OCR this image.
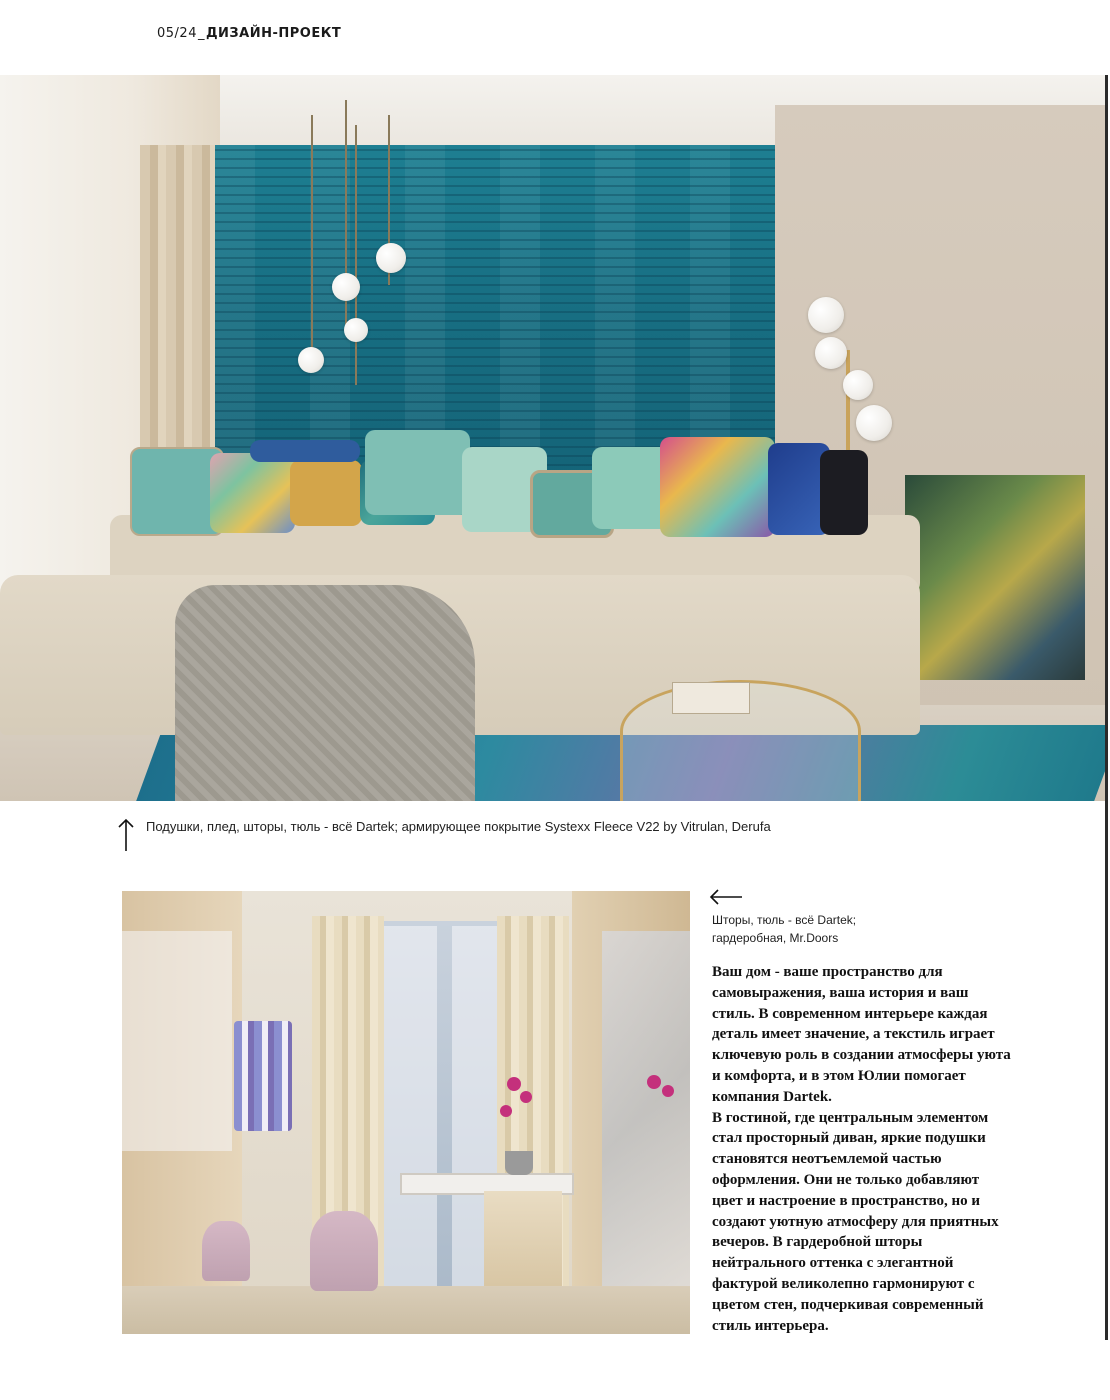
05/24_ДИЗАЙН-ПРОЕКТ
Подушки, плед, шторы, тюль - всё Dartek; армирующее покрытие Systexx Fleece V22 by Vitrulan, Derufa
Шторы, тюль - всё Dartek;
гардеробная, Mr.Doors

Ваш дом - ваше пространство для самовыражения, ваша история и ваш стиль. В современном интерьере каждая деталь имеет значение, а текстиль играет ключевую роль в создании атмосферы уюта и комфорта, и в этом Юлии помогает компания Dartek.

В гостиной, где центральным элементом стал просторный диван, яркие подушки становятся неотъемлемой частью оформления. Они не только добавляют цвет и настроение в пространство, но и создают уютную атмосферу для приятных вечеров. В гардеробной шторы нейтрального оттенка с элегантной фактурой великолепно гармонируют с цветом стен, подчеркивая современный стиль интерьера.
